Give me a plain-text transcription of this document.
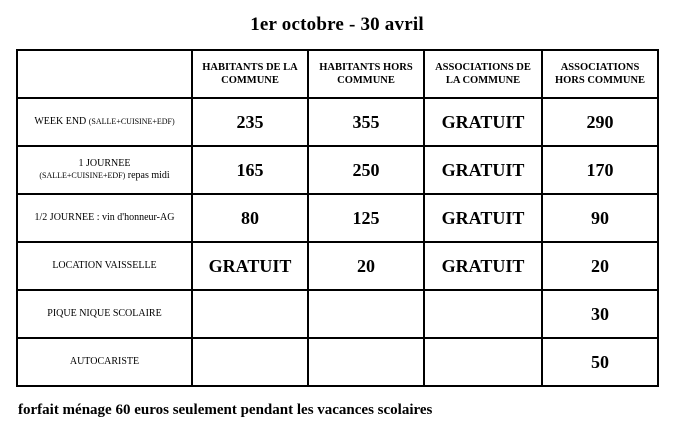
1er octobre - 30 avril
	HABITANTS DE LA COMMUNE	HABITANTS HORS COMMUNE	ASSOCIATIONS DE LA COMMUNE	ASSOCIATIONS HORS COMMUNE
WEEK END (SALLE+CUISINE+EDF)	235	355	GRATUIT	290

1 JOURNEE
(SALLE+CUISINE+EDF) repas midi	165	250	GRATUIT	170
1/2 JOURNEE : vin d'honneur-AG	80	125	GRATUIT	90
LOCATION VAISSELLE	GRATUIT	20	GRATUIT	20
PIQUE NIQUE SCOLAIRE				30
AUTOCARISTE				50
forfait ménage 60 euros seulement pendant les vacances scolaires
